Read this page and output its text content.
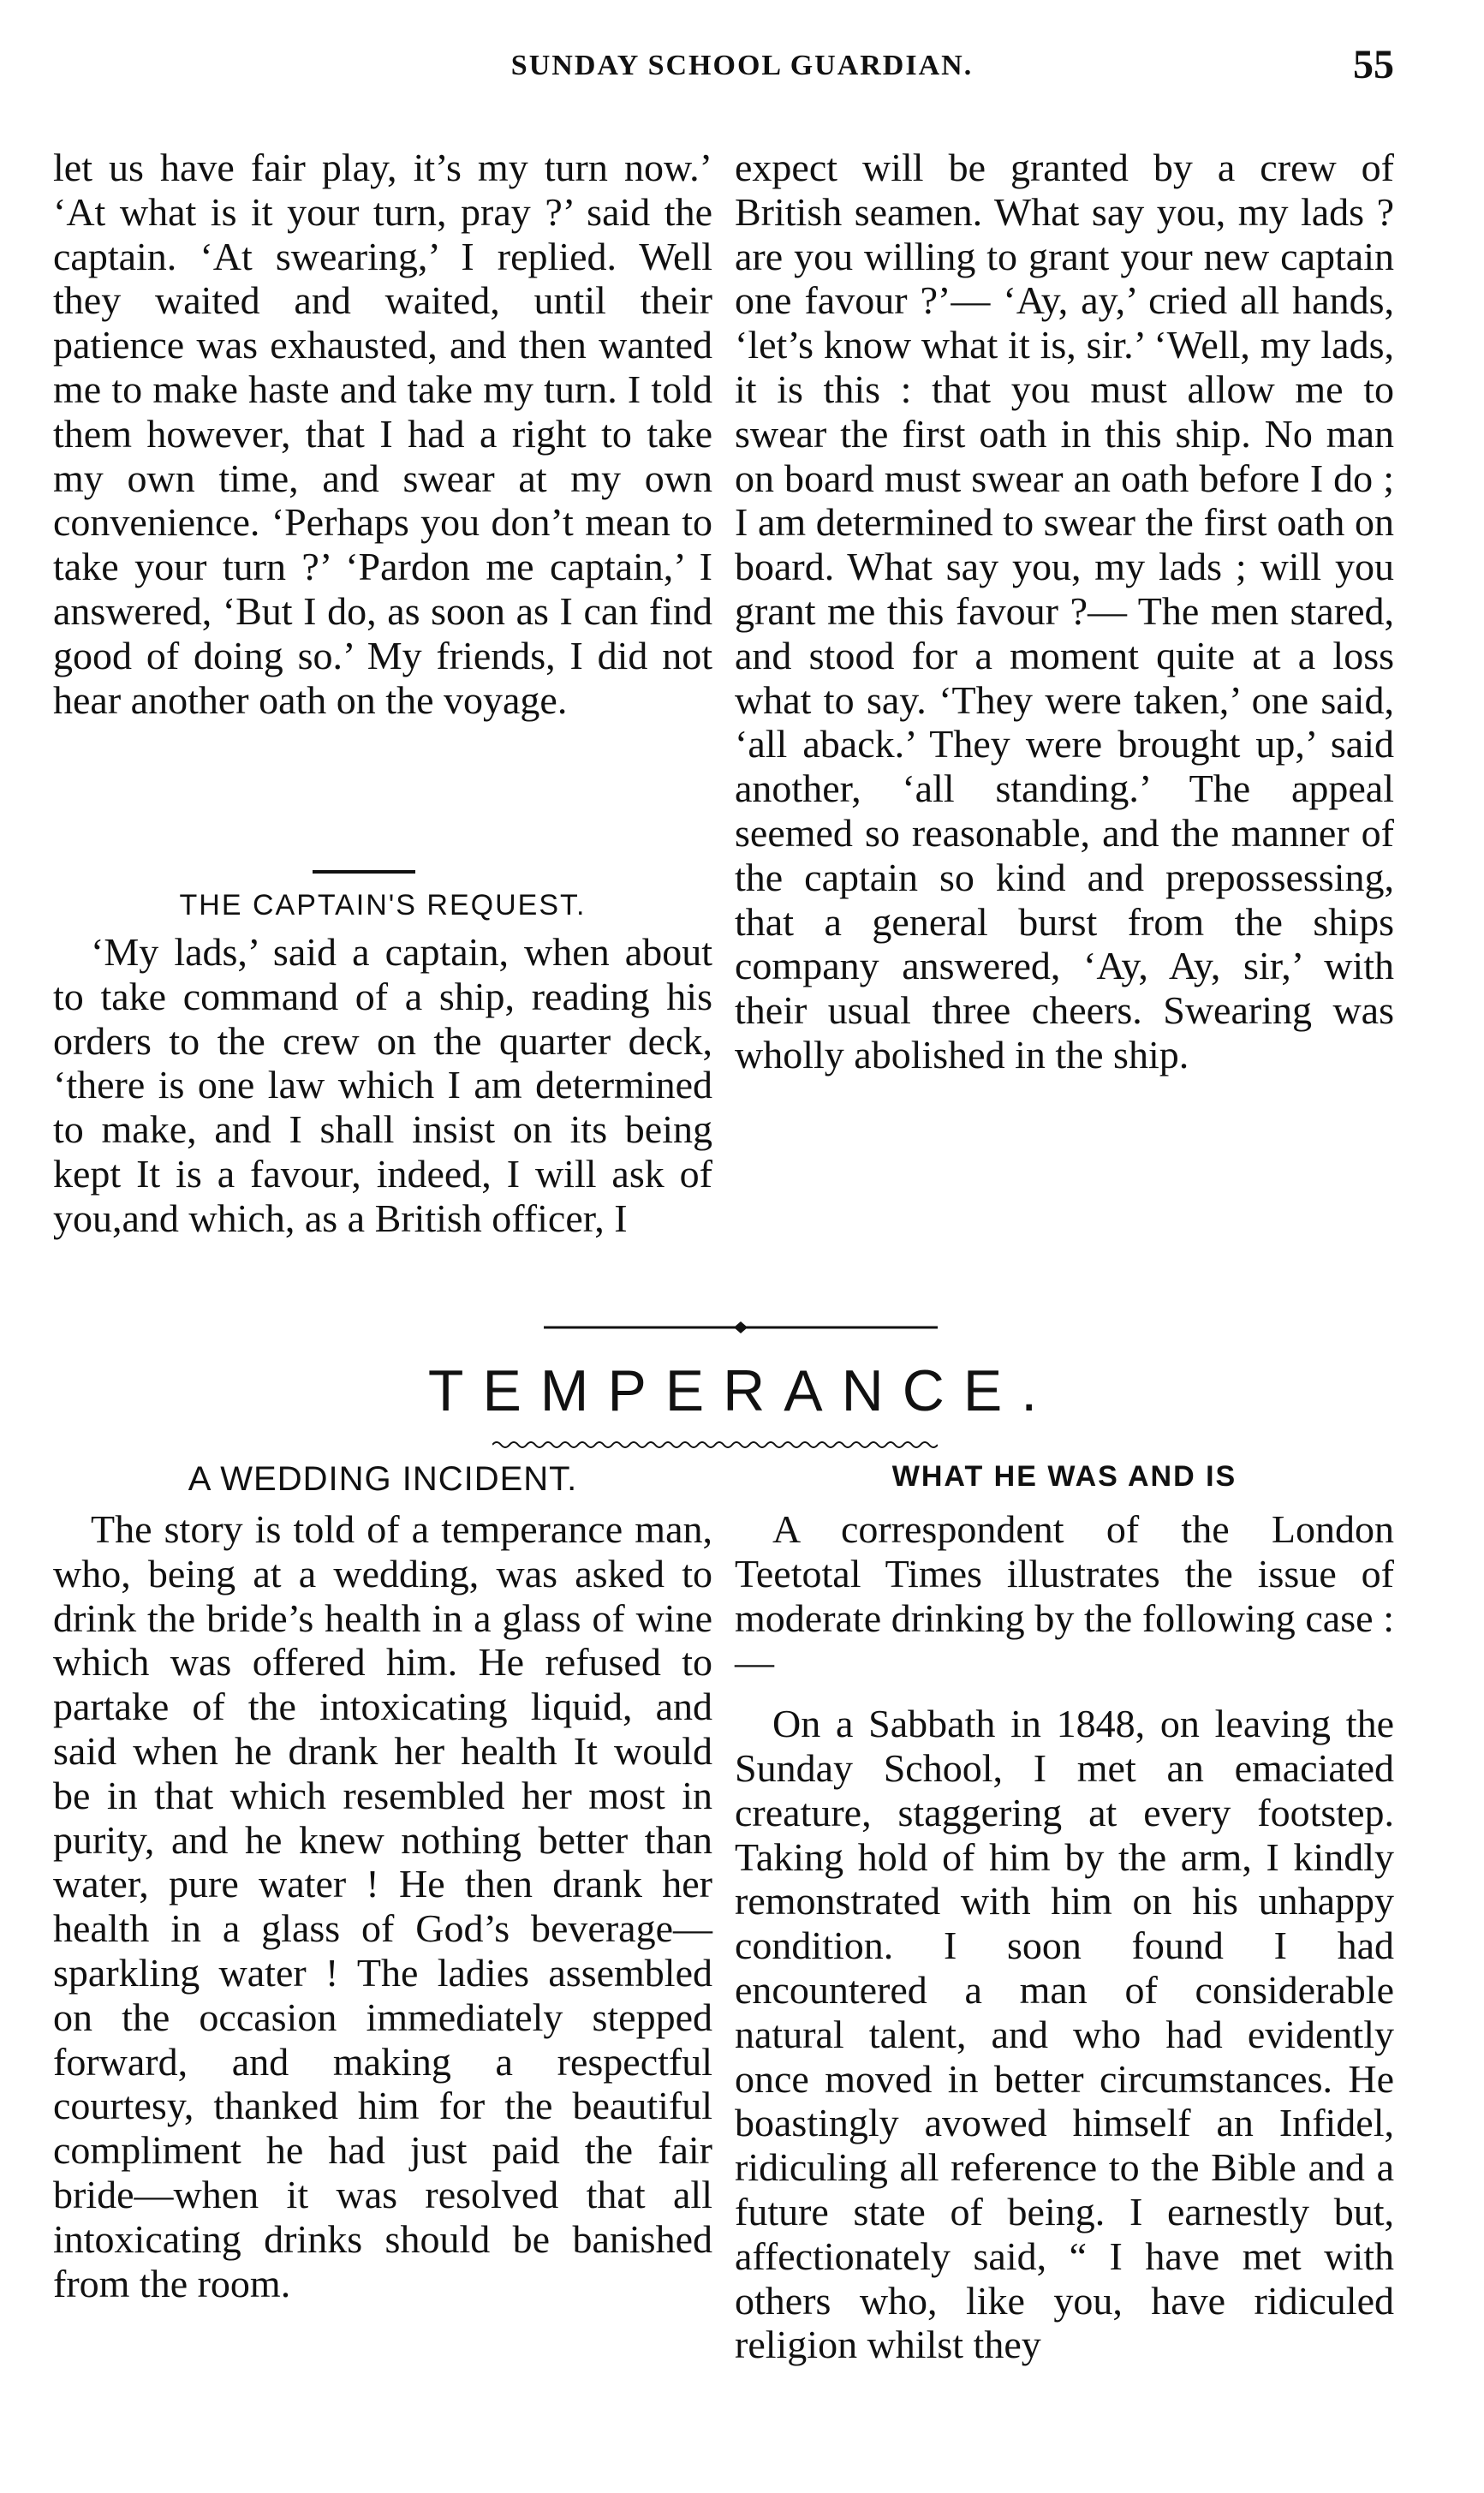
SUNDAY SCHOOL GUARDIAN.	55

let us have fair play, it’s my turn now.’ ‘At what is it your turn, pray ?’ said the captain. ‘At swearing,’ I replied. Well they waited and waited, until their patience was exhausted, and then wanted me to make haste and take my turn. I told them however, that I had a right to take my own time, and swear at my own convenience. ‘Perhaps you don’t mean to take your turn ?’ ‘Pardon me captain,’ I answered, ‘But I do, as soon as I can find good of doing so.’ My friends, I did not hear another oath on the voyage.

THE CAPTAIN'S REQUEST.

‘My lads,’ said a captain, when about to take command of a ship, reading his orders to the crew on the quarter deck, ‘there is one law which I am determined to make, and I shall insist on its being kept It is a favour, indeed, I will ask of you,and which, as a British officer, I

expect will be granted by a crew of British seamen. What say you, my lads ? are you willing to grant your new captain one favour ?’— ‘Ay, ay,’ cried all hands, ‘let’s know what it is, sir.’ ‘Well, my lads, it is this : that you must allow me to swear the first oath in this ship. No man on board must swear an oath before I do ; I am determined to swear the first oath on board. What say you, my lads ; will you grant me this favour ?— The men stared, and stood for a moment quite at a loss what to say. ‘They were taken,’ one said, ‘all aback.’ They were brought up,’ said another, ‘all standing.’ The appeal seemed so reasonable, and the manner of the captain so kind and prepossessing, that a general burst from the ships company answered, ‘Ay, Ay, sir,’ with their usual three cheers. Swearing was wholly abolished in the ship.

TEMPERANCE.
A WEDDING INCIDENT.	WHAT HE WAS AND IS

The story is told of a temperance man, who, being at a wedding, was asked to drink the bride’s health in a glass of wine which was offered him. He refused to partake of the intoxicating liquid, and said when he drank her health It would be in that which resembled her most in purity, and he knew nothing better than water, pure water ! He then drank her health in a glass of God’s beverage—sparkling water ! The ladies assembled on the occasion immediately stepped forward, and making a respectful courtesy, thanked him for the beautiful compliment he had just paid the fair bride—when it was resolved that all intoxicating drinks should be banished from the room.

A correspondent of the London Teetotal Times illustrates the issue of moderate drinking by the following case :—

On a Sabbath in 1848, on leaving the Sunday School, I met an emaciated creature, staggering at every footstep. Taking hold of him by the arm, I kindly remonstrated with him on his unhappy condition. I soon found I had encountered a man of considerable natural talent, and who had evidently once moved in better circumstances. He boastingly avowed himself an Infidel, ridiculing all reference to the Bible and a future state of being. I earnestly but, affectionately said, “ I have met with others who, like you, have ridiculed religion whilst they
